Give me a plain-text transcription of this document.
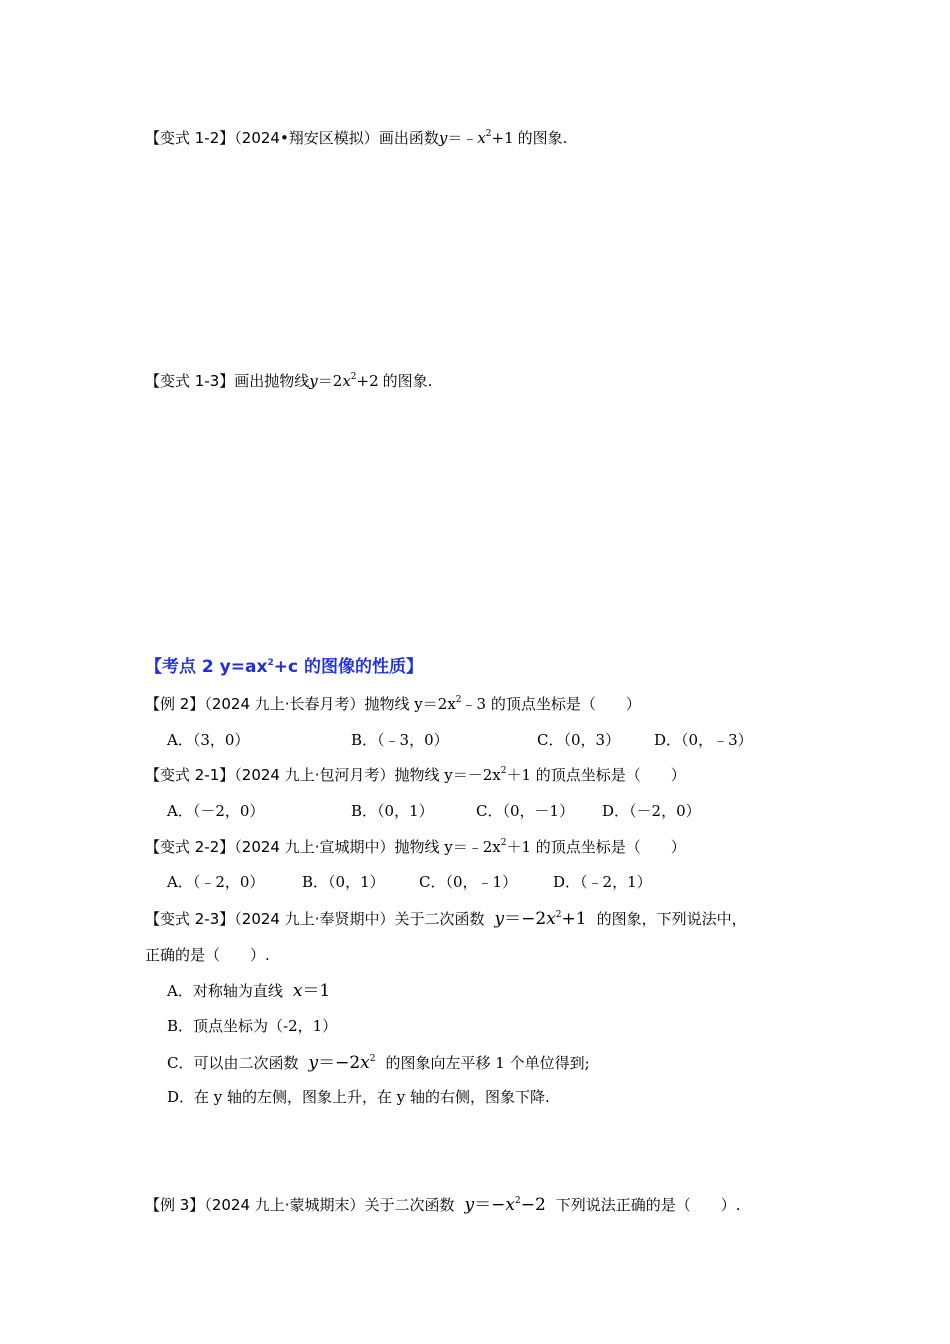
【变式 1-2】（2024•翔安区模拟）画出函数$y=﹣x^2+1$ 的图象.
【变式 1-3】画出抛物线$y=2x^2+2$ 的图象.
【考点 2 $y=ax^2+c$ 的图像的性质】
【例 2】（2024 九上·长春月考）抛物线 $y=2x^2﹣3$ 的顶点坐标是（　　）
A．（3，0）	B．（﹣3，0）	C．（0，3） D．（0，﹣3）
【变式 2-1】（2024 九上·包河月考）抛物线 $y=-2x^2+1$ 的顶点坐标是（　　）
A．（－2，0）	B．（0，1）	C．（0，－1） D．（－2，0）
【变式 2-2】（2024 九上·宣城期中）抛物线 $y=﹣2x^2+1$ 的顶点坐标是（　　）
A．（﹣2，0）	B．（0，1） C．（0，﹣1） D．（﹣2，1）
【变式 2-3】（2024 九上·奉贤期中）关于二次函数 $y=-2x^2+1$ 的图象，下列说法中，
正确的是（　　）.
A．对称轴为直线 x＝1
B．顶点坐标为（-2，1）
C．可以由二次函数 $y=-2x^2$ 的图象向左平移 1 个单位得到;
D．在 y 轴的左侧，图象上升，在 y 轴的右侧，图象下降.
【例 3】（2024 九上·蒙城期末）关于二次函数 $y=-x^2-2$ 下列说法正确的是（　　）.
